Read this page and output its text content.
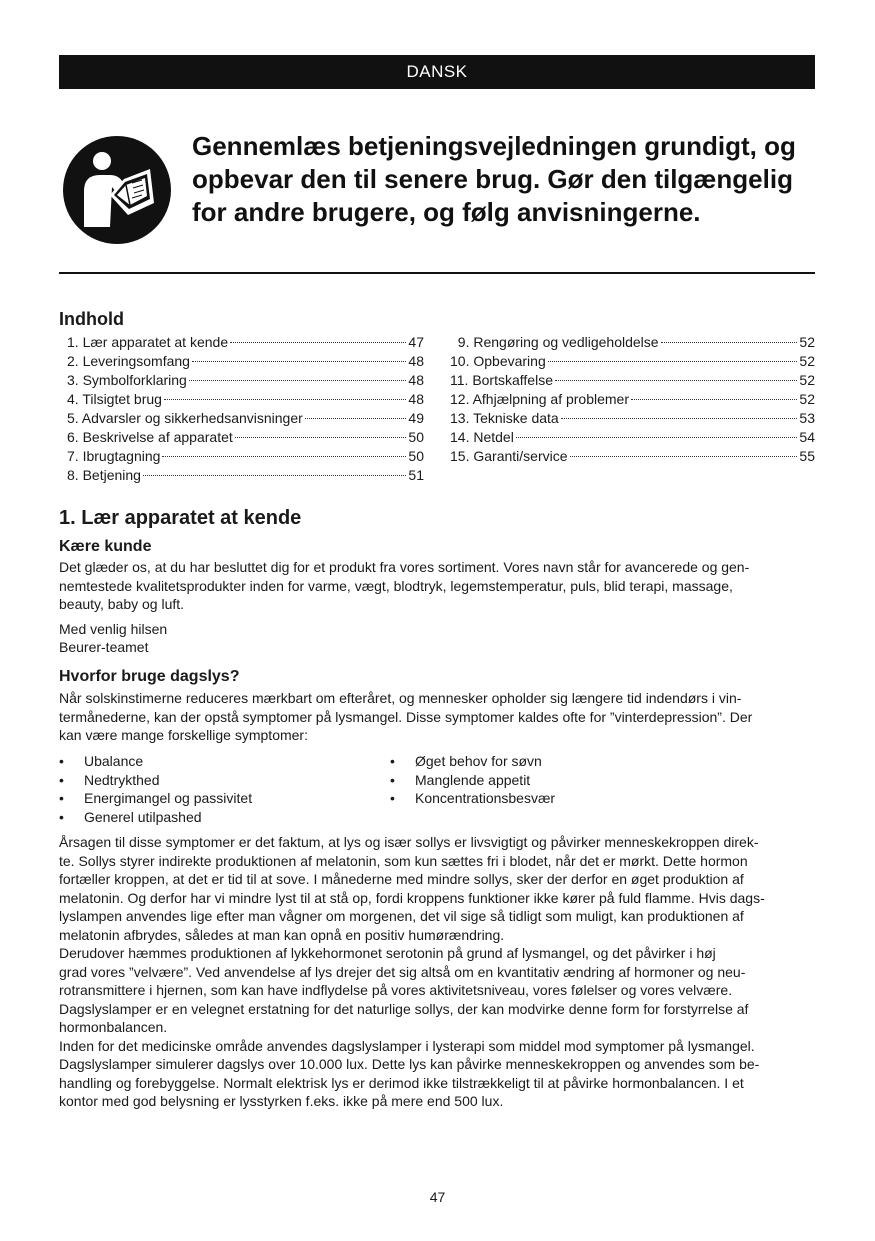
DANSK
Gennemlæs betjeningsvejledningen grundigt, og
opbevar den til senere brug. Gør den tilgængelig
for andre brugere, og følg anvisningerne.
Indhold
1. Lær apparatet at kende	47
2. Leveringsomfang	48
3. Symbolforklaring	48
4. Tilsigtet brug	48
5. Advarsler og sikkerhedsanvisninger	49
6. Beskrivelse af apparatet	50
7. Ibrugtagning	50
8. Betjening	51
9. Rengøring og vedligeholdelse	52
10. Opbevaring	52
11. Bortskaffelse	52
12. Afhjælpning af problemer	52
13. Tekniske data	53
14. Netdel	54
15. Garanti/service	55
1. Lær apparatet at kende
Kære kunde

Det glæder os, at du har besluttet dig for et produkt fra vores sortiment. Vores navn står for avancerede og gen-

nemtestede kvalitetsprodukter inden for varme, vægt, blodtryk, legemstemperatur, puls, blid terapi, massage,

beauty, baby og luft.

Med venlig hilsen

Beurer-teamet

Hvorfor bruge dagslys?

Når solskinstimerne reduceres mærkbart om efteråret, og mennesker opholder sig længere tid indendørs i vin-

termånederne, kan der opstå symptomer på lysmangel. Disse symptomer kaldes ofte for ”vinterdepression”. Der

kan være mange forskellige symptomer:

•	Ubalance
•	Nedtrykthed
•	Energimangel og passivitet
•	Generel utilpashed
•	Øget behov for søvn
•	Manglende appetit
•	Koncentrationsbesvær

Årsagen til disse symptomer er det faktum, at lys og især sollys er livsvigtigt og påvirker menneskekroppen direk-

te. Sollys styrer indirekte produktionen af melatonin, som kun sættes fri i blodet, når det er mørkt. Dette hormon

fortæller kroppen, at det er tid til at sove. I månederne med mindre sollys, sker der derfor en øget produktion af

melatonin. Og derfor har vi mindre lyst til at stå op, fordi kroppens funktioner ikke kører på fuld flamme. Hvis dags-

lyslampen anvendes lige efter man vågner om morgenen, det vil sige så tidligt som muligt, kan produktionen af

melatonin afbrydes, således at man kan opnå en positiv humørændring.

Derudover hæmmes produktionen af lykkehormonet serotonin på grund af lysmangel, og det påvirker i høj

grad vores ”velvære”. Ved anvendelse af lys drejer det sig altså om en kvantitativ ændring af hormoner og neu-

rotransmittere i hjernen, som kan have indflydelse på vores aktivitetsniveau, vores følelser og vores velvære.

Dagslyslamper er en velegnet erstatning for det naturlige sollys, der kan modvirke denne form for forstyrrelse af

hormonbalancen.

Inden for det medicinske område anvendes dagslyslamper i lysterapi som middel mod symptomer på lysmangel.

Dagslyslamper simulerer dagslys over 10.000 lux. Dette lys kan påvirke menneskekroppen og anvendes som be-

handling og forebyggelse. Normalt elektrisk lys er derimod ikke tilstrækkeligt til at påvirke hormonbalancen. I et

kontor med god belysning er lysstyrken f.eks. ikke på mere end 500 lux.

47
